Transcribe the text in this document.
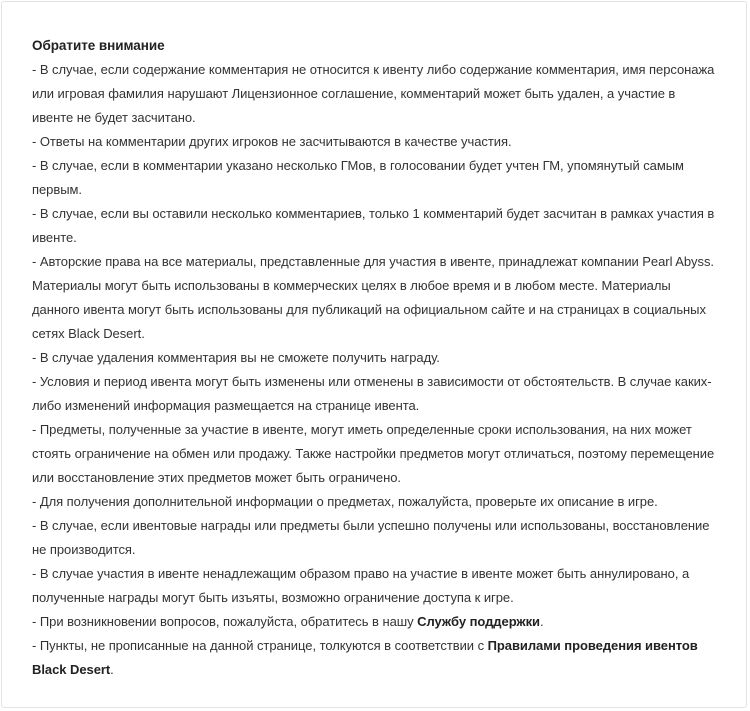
Обратите внимание

- В случае, если содержание комментария не относится к ивенту либо содержание комментария, имя персонажа или игровая фамилия нарушают Лицензионное соглашение, комментарий может быть удален, а участие в ивенте не будет засчитано.
- Ответы на комментарии других игроков не засчитываются в качестве участия.
- В случае, если в комментарии указано несколько ГМов, в голосовании будет учтен ГМ, упомянутый самым первым.
- В случае, если вы оставили несколько комментариев, только 1 комментарий будет засчитан в рамках участия в ивенте.
- Авторские права на все материалы, представленные для участия в ивенте, принадлежат компании Pearl Abyss. Материалы могут быть использованы в коммерческих целях в любое время и в любом месте. Материалы данного ивента могут быть использованы для публикаций на официальном сайте и на страницах в социальных сетях Black Desert.
- В случае удаления комментария вы не сможете получить награду.
- Условия и период ивента могут быть изменены или отменены в зависимости от обстоятельств. В случае каких-либо изменений информация размещается на странице ивента.
- Предметы, полученные за участие в ивенте, могут иметь определенные сроки использования, на них может стоять ограничение на обмен или продажу. Также настройки предметов могут отличаться, поэтому перемещение или восстановление этих предметов может быть ограничено.
- Для получения дополнительной информации о предметах, пожалуйста, проверьте их описание в игре.
- В случае, если ивентовые награды или предметы были успешно получены или использованы, восстановление не производится.
- В случае участия в ивенте ненадлежащим образом право на участие в ивенте может быть аннулировано, а полученные награды могут быть изъяты, возможно ограничение доступа к игре.
- При возникновении вопросов, пожалуйста, обратитесь в нашу Службу поддержки.
- Пункты, не прописанные на данной странице, толкуются в соответствии с Правилами проведения ивентов Black Desert.
